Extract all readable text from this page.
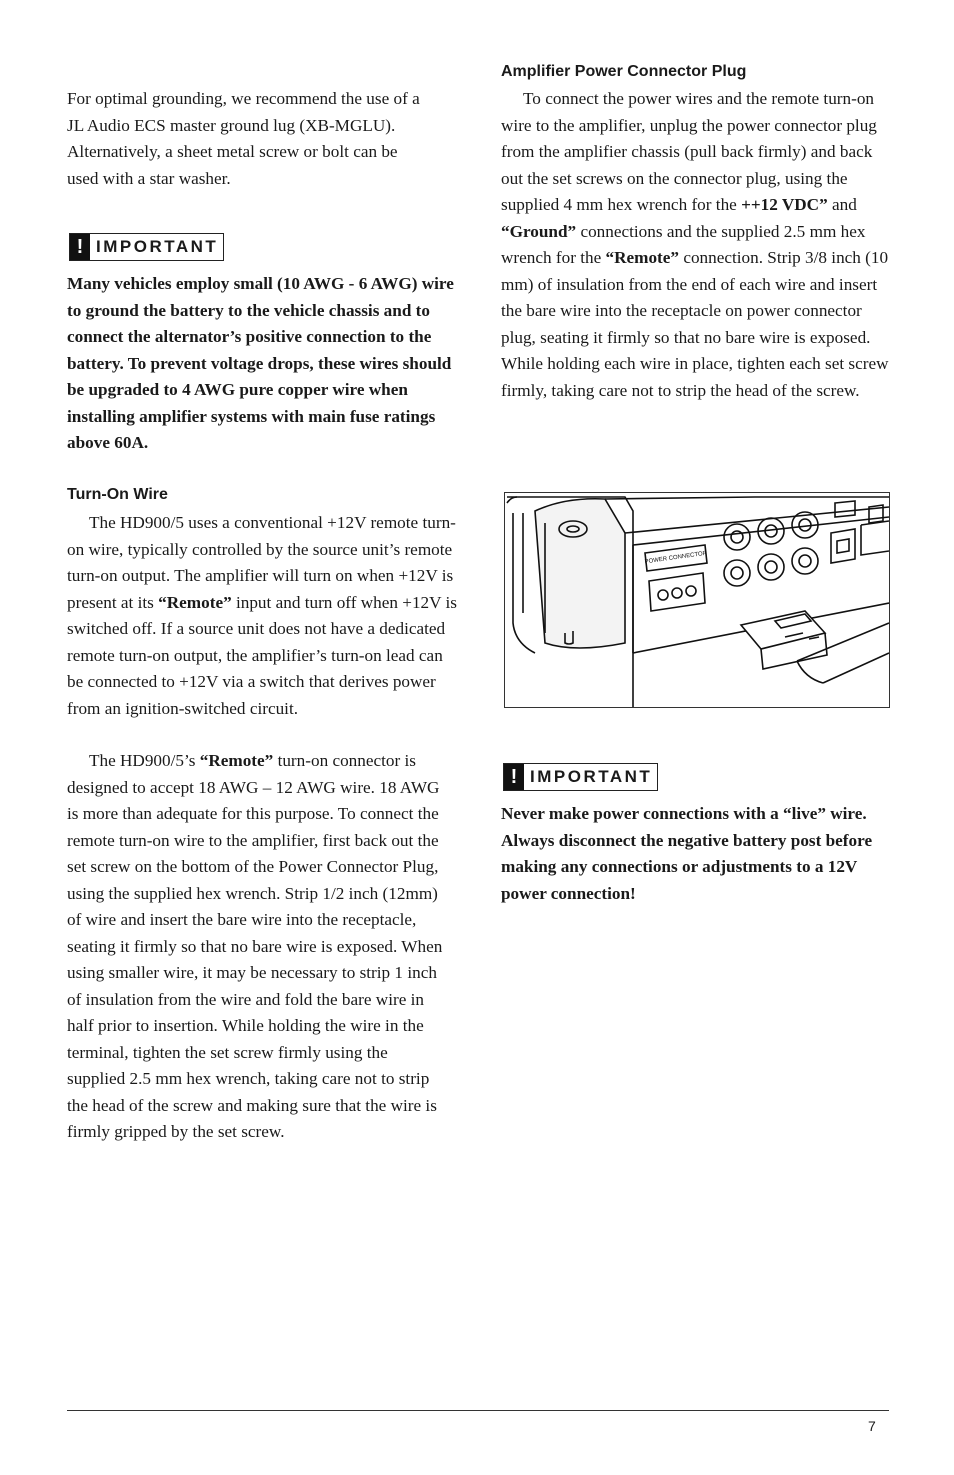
For optimal grounding, we recommend the use of a JL Audio ECS master ground lug (XB-MGLU). Alternatively, a sheet metal screw or bolt can be used with a star washer.

! IMPORTANT

Many vehicles employ small (10 AWG - 6 AWG) wire to ground the battery to the vehicle chassis and to connect the alternator’s positive connection to the battery. To prevent voltage drops, these wires should be upgraded to 4 AWG pure copper wire when installing amplifier systems with main fuse ratings above 60A.

Turn-On Wire

The HD900/5 uses a conventional +12V remote turn-on wire, typically controlled by the source unit’s remote turn-on output. The amplifier will turn on when +12V is present at its “Remote” input and turn off when +12V is switched off. If a source unit does not have a dedicated remote turn-on output, the amplifier’s turn-on lead can be connected to +12V via a switch that derives power from an ignition-switched circuit.

The HD900/5’s “Remote” turn-on connector is designed to accept 18 AWG – 12 AWG wire. 18 AWG is more than adequate for this purpose. To connect the remote turn-on wire to the amplifier, first back out the set screw on the bottom of the Power Connector Plug, using the supplied hex wrench. Strip 1/2 inch (12mm) of wire and insert the bare wire into the receptacle, seating it firmly so that no bare wire is exposed. When using smaller wire, it may be necessary to strip 1 inch of insulation from the wire and fold the bare wire in half prior to insertion. While holding the wire in the terminal, tighten the set screw firmly using the supplied 2.5 mm hex wrench, taking care not to strip the head of the screw and making sure that the wire is firmly gripped by the set screw.

Amplifier Power Connector Plug

To connect the power wires and the remote turn-on wire to the amplifier, unplug the power connector plug from the amplifier chassis (pull back firmly) and back out the set screws on the connector plug, using the supplied 4 mm hex wrench for the ++12 VDC” and “Ground” connections and the supplied 2.5 mm hex wrench for the “Remote” connection. Strip 3/8 inch (10 mm) of insulation from the end of each wire and insert the bare wire into the receptacle on power connector plug, seating it firmly so that no bare wire is exposed. While holding each wire in place, tighten each set screw firmly, taking care not to strip the head of the screw.

! IMPORTANT

Never make power connections with a “live” wire. Always disconnect the negative battery post before making any connections or adjustments to a 12V power connection!

POWER CONNECTOR
7
